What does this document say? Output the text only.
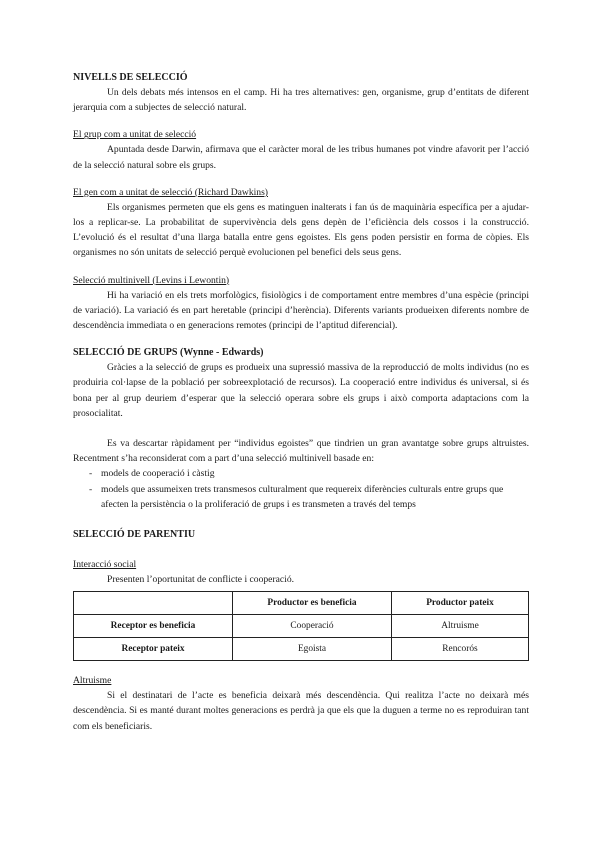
NIVELLS DE SELECCIÓ

Un dels debats més intensos en el camp. Hi ha tres alternatives: gen, organisme, grup d’entitats de diferent jerarquia com a subjectes de selecció natural.

El grup com a unitat de selecció

Apuntada desde Darwin, afirmava que el caràcter moral de les tribus humanes pot vindre afavorit per l’acció de la selecció natural sobre els grups.

El gen com a unitat de selecció (Richard Dawkins)

Els organismes permeten que els gens es matinguen inalterats i fan ús de maquinària específica per a ajudar-los a replicar-se. La probabilitat de supervivència dels gens depèn de l’eficiència dels cossos i la construcció. L’evolució és el resultat d’una llarga batalla entre gens egoistes. Els gens poden persistir en forma de còpies. Els organismes no són unitats de selecció perquè evolucionen pel benefici dels seus gens.

Selecció multinivell (Levins i Lewontin)

Hi ha variació en els trets morfològics, fisiològics i de comportament entre membres d’una espècie (principi de variació). La variació és en part heretable (principi d’herència). Diferents variants produeixen diferents nombre de descendència immediata o en generacions remotes (principi de l’aptitud diferencial).

SELECCIÓ DE GRUPS (Wynne - Edwards)

Gràcies a la selecció de grups es produeix una supressió massiva de la reproducció de molts individus (no es produiria col·lapse de la població per sobreexplotació de recursos). La cooperació entre individus és universal, si és bona per al grup deuriem d’esperar que la selecció operara sobre els grups i això comporta adaptacions com la prosocialitat.

Es va descartar ràpidament per “individus egoistes” que tindrien un gran avantatge sobre grups altruistes. Recentment s’ha reconsiderat com a part d’una selecció multinivell basade en:

- models de cooperació i càstig
- models que assumeixen trets transmesos culturalment que requereix diferències culturals entre grups que afecten la persistència o la proliferació de grups i es transmeten a través del temps
SELECCIÓ DE PARENTIU

Interacció social

Presenten l’oportunitat de conflicte i cooperació.

	Productor es beneficia	Productor pateix
Receptor es beneficia	Cooperació	Altruisme
Receptor pateix	Egoista	Rencorós

Altruisme

Si el destinatari de l’acte es beneficia deixarà més descendència. Qui realitza l’acte no deixarà més descendència. Si es manté durant moltes generacions es perdrà ja que els que la duguen a terme no es reproduiran tant com els beneficiaris.
